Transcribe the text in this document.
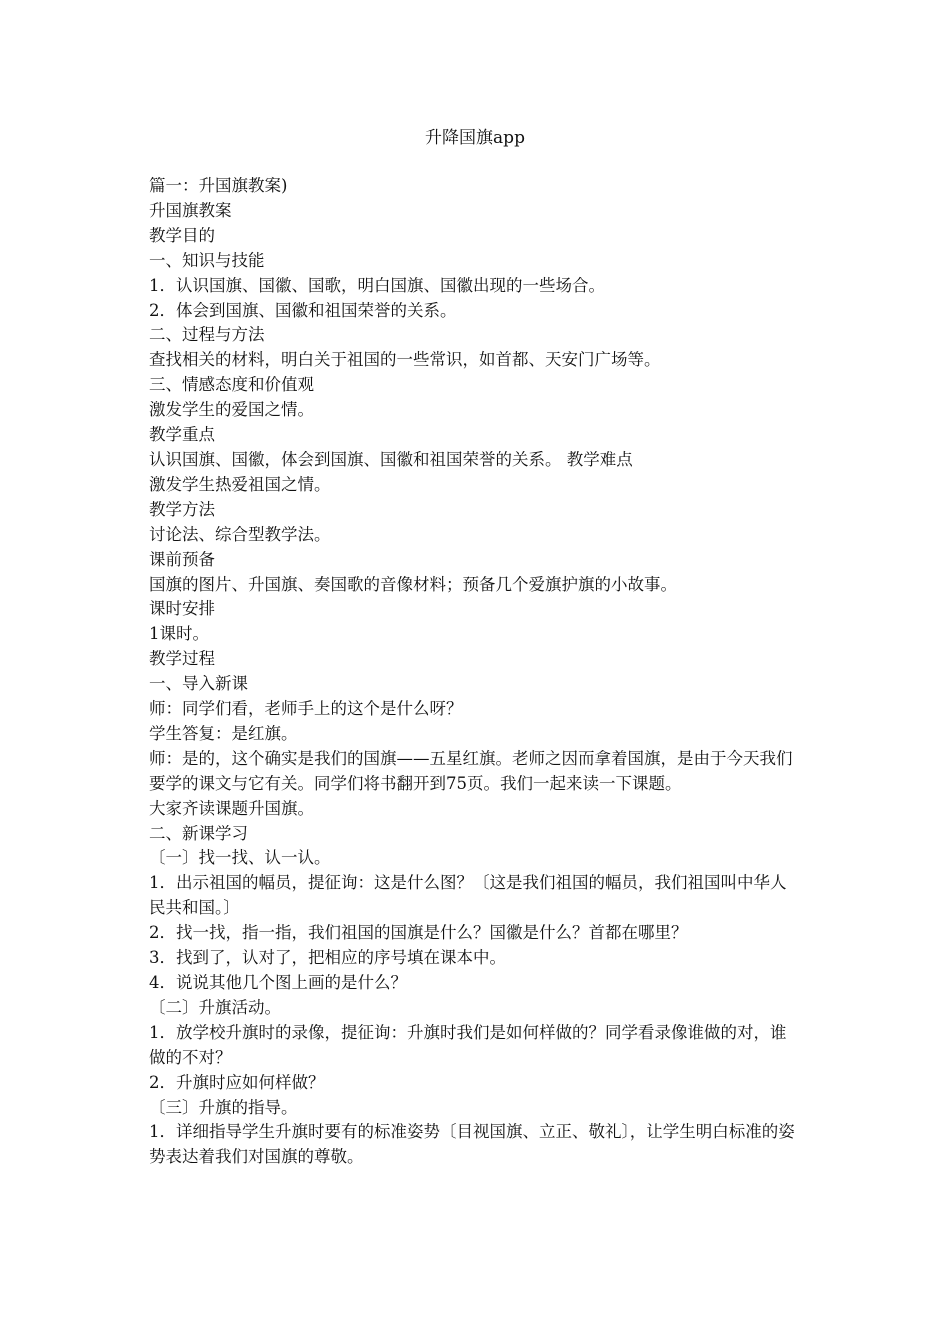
升降国旗app

篇一：升国旗教案)

升国旗教案

教学目的

一、知识与技能

1．认识国旗、国徽、国歌，明白国旗、国徽出现的一些场合。

2．体会到国旗、国徽和祖国荣誉的关系。

二、过程与方法

查找相关的材料，明白关于祖国的一些常识，如首都、天安门广场等。

三、情感态度和价值观

激发学生的爱国之情。

教学重点

认识国旗、国徽，体会到国旗、国徽和祖国荣誉的关系。 教学难点

激发学生热爱祖国之情。

教学方法

讨论法、综合型教学法。

课前预备

国旗的图片、升国旗、奏国歌的音像材料；预备几个爱旗护旗的小故事。

课时安排

1课时。

教学过程

一、导入新课

师：同学们看，老师手上的这个是什么呀？

学生答复：是红旗。

师：是的，这个确实是我们的国旗——五星红旗。老师之因而拿着国旗，是由于今天我们要学的课文与它有关。同学们将书翻开到75页。我们一起来读一下课题。

大家齐读课题升国旗。

二、新课学习

〔一〕找一找、认一认。

1．出示祖国的幅员，提征询：这是什么图？〔这是我们祖国的幅员，我们祖国叫中华人民共和国。〕

2．找一找，指一指，我们祖国的国旗是什么？国徽是什么？首都在哪里？

3．找到了，认对了，把相应的序号填在课本中。

4．说说其他几个图上画的是什么？

〔二〕升旗活动。

1．放学校升旗时的录像，提征询：升旗时我们是如何样做的？同学看录像谁做的对，谁做的不对？

2．升旗时应如何样做？

〔三〕升旗的指导。

1．详细指导学生升旗时要有的标准姿势〔目视国旗、立正、敬礼〕，让学生明白标准的姿势表达着我们对国旗的尊敬。
